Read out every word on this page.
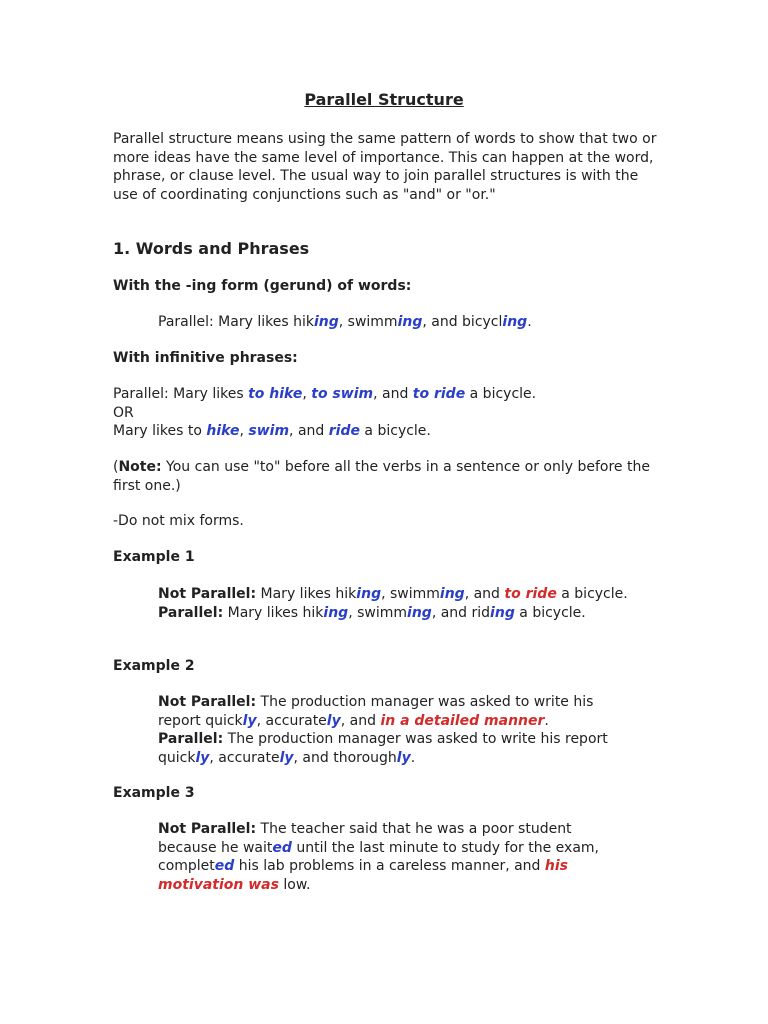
Parallel Structure

Parallel structure means using the same pattern of words to show that two or more ideas have the same level of importance. This can happen at the word, phrase, or clause level. The usual way to join parallel structures is with the use of coordinating conjunctions such as "and" or "or."

1. Words and Phrases

With the -ing form (gerund) of words:

Parallel: Mary likes hiking, swimming, and bicycling.

With infinitive phrases:

Parallel: Mary likes to hike, to swim, and to ride a bicycle.

OR

Mary likes to hike, swim, and ride a bicycle.

(Note: You can use "to" before all the verbs in a sentence or only before the first one.)

-Do not mix forms.

Example 1

Not Parallel: Mary likes hiking, swimming, and to ride a bicycle.
Parallel: Mary likes hiking, swimming, and riding a bicycle.

Example 2

Not Parallel: The production manager was asked to write his report quickly, accurately, and in a detailed manner.
Parallel: The production manager was asked to write his report quickly, accurately, and thoroughly.

Example 3

Not Parallel: The teacher said that he was a poor student because he waited until the last minute to study for the exam, completed his lab problems in a careless manner, and his motivation was low.
